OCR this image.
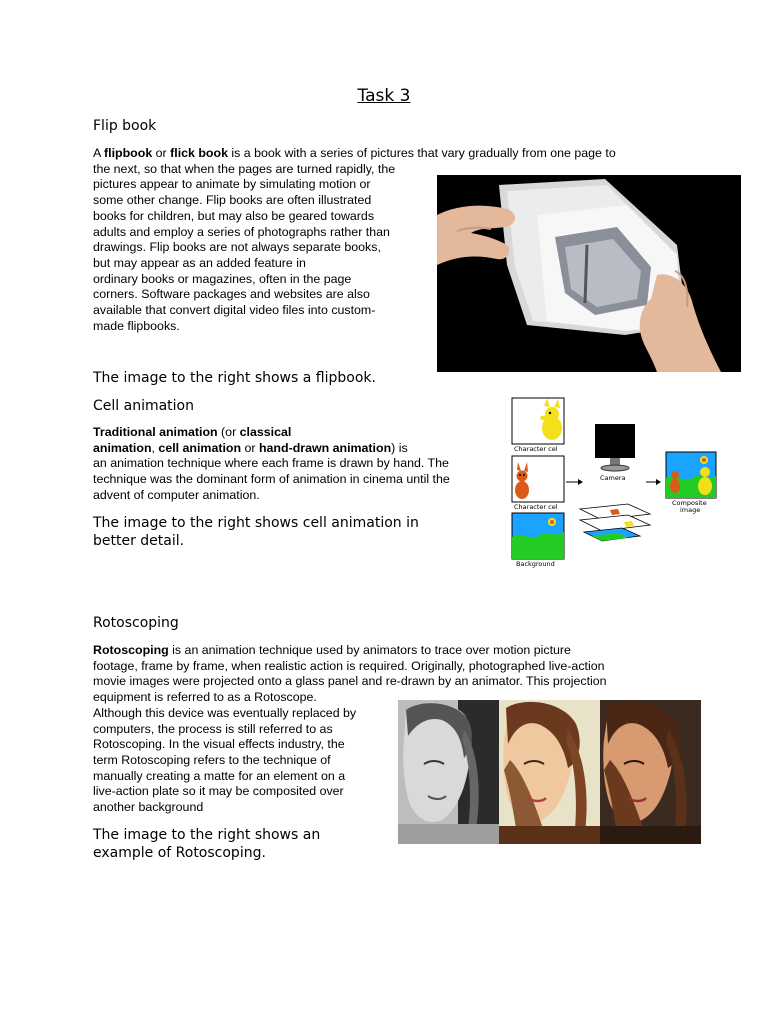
Task 3
Flip book
A flipbook or flick book is a book with a series of pictures that vary gradually from one page to
the next, so that when the pages are turned rapidly, the
pictures appear to animate by simulating motion or
some other change. Flip books are often illustrated
books for children, but may also be geared towards
adults and employ a series of photographs rather than
drawings. Flip books are not always separate books,
but may appear as an added feature in
ordinary books or magazines, often in the page
corners. Software packages and websites are also
available that convert digital video files into custom-
made flipbooks.
The image to the right shows a flipbook.
Cell animation
Traditional animation (or classical
animation, cell animation or hand-drawn animation) is
an animation technique where each frame is drawn by hand. The
technique was the dominant form of animation in cinema until the
advent of computer animation.
The image to the right shows cell animation in
better detail.
Character cel
Character cel
Background
Camera
Composite
image
Rotoscoping
Rotoscoping is an animation technique used by animators to trace over motion picture
footage, frame by frame, when realistic action is required. Originally, photographed live-action
movie images were projected onto a glass panel and re-drawn by an animator. This projection
equipment is referred to as a Rotoscope.
Although this device was eventually replaced by
computers, the process is still referred to as
Rotoscoping. In the visual effects industry, the
term Rotoscoping refers to the technique of
manually creating a matte for an element on a
live-action plate so it may be composited over
another background
The image to the right shows an
example of Rotoscoping.
